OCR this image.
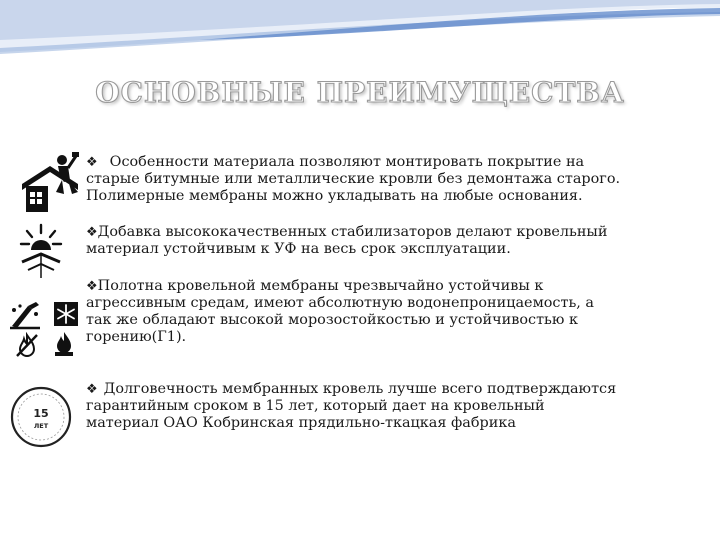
ОСНОВНЫЕ ПРЕИМУЩЕСТВА
❖ Особенности материала позволяют монтировать покрытие на
старые битумные или металлические кровли без демонтажа старого.
Полимерные мембраны можно укладывать на любые основания.
❖Добавка высококачественных стабилизаторов делают кровельный
материал устойчивым к УФ на весь срок эксплуатации.
❖Полотна кровельной мембраны чрезвычайно устойчивы к
агрессивным средам, имеют абсолютную водонепроницаемость, а
так же обладают высокой морозостойкостью и устойчивостью к
горению(Г1).
❖ Долговечность мембранных кровель лучше всего подтверждаются
гарантийным сроком в 15 лет, который дает на кровельный
материал ОАО Кобринская прядильно-ткацкая фабрика
15
ЛЕТ
